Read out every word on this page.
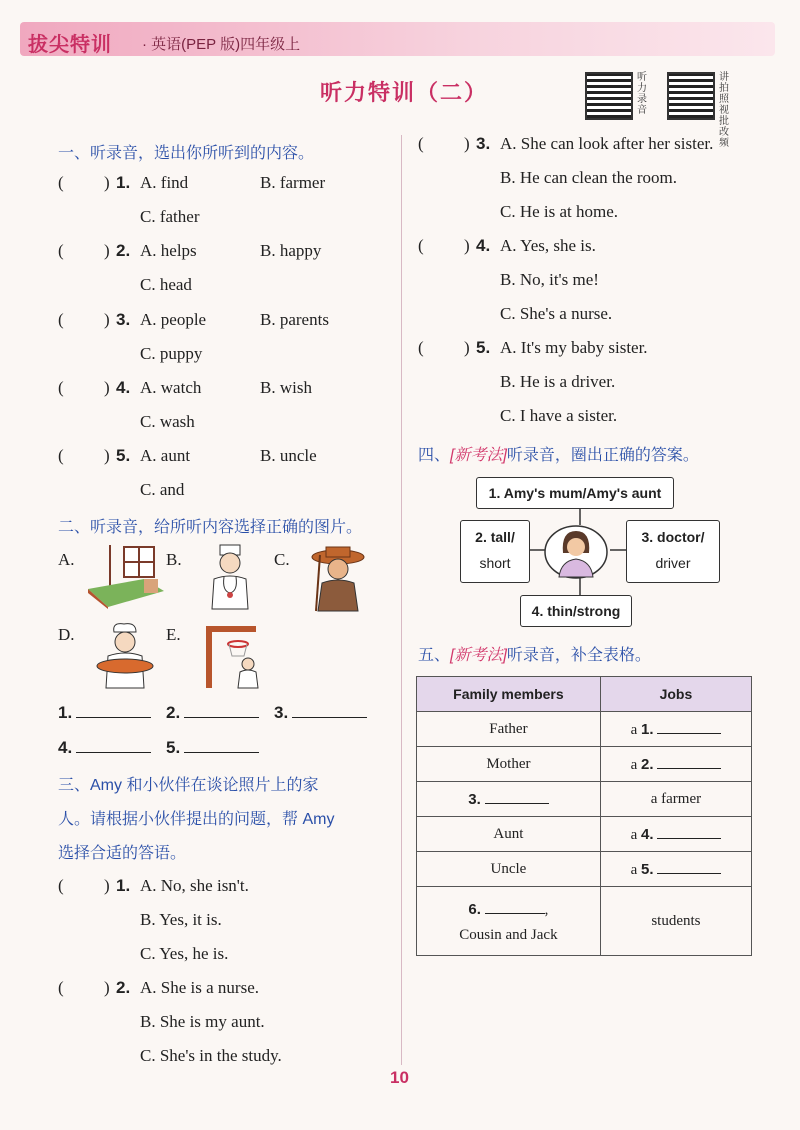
拔尖特训 · 英语(PEP 版)四年级上
听力特训（二）
听力录音
讲拍照视批改频
一、听录音，选出你所听到的内容。
( ) 1. A. find	B. farmer
C. father
( ) 2. A. helps	B. happy
C. head
( ) 3. A. people	B. parents
C. puppy
( ) 4. A. watch	B. wish
C. wash
( ) 5. A. aunt	B. uncle
C. and
二、听录音，给所听内容选择正确的图片。
A.	B.	C.
D.	E.
1.	2.	3.
4.	5.
三、Amy 和小伙伴在谈论照片上的家
人。请根据小伙伴提出的问题，帮 Amy
选择合适的答语。
( ) 1. A. No, she isn't.
B. Yes, it is.
C. Yes, he is.
( ) 2. A. She is a nurse.
B. She is my aunt.
C. She's in the study.
( ) 3. A. She can look after her sister.
B. He can clean the room.
C. He is at home.
( ) 4. A. Yes, she is.
B. No, it's me!
C. She's a nurse.
( ) 5. A. It's my baby sister.
B. He is a driver.
C. I have a sister.
四、[新考法]听录音，圈出正确的答案。
1. Amy's mum/Amy's aunt
2. tall/
short
3. doctor/
driver
4. thin/strong
五、[新考法]听录音，补全表格。
Family members	Jobs
Father	a 1.
Mother	a 2.
3.	a farmer
Aunt	a 4.
Uncle	a 5.

6. ,
Cousin and Jack	students
10
